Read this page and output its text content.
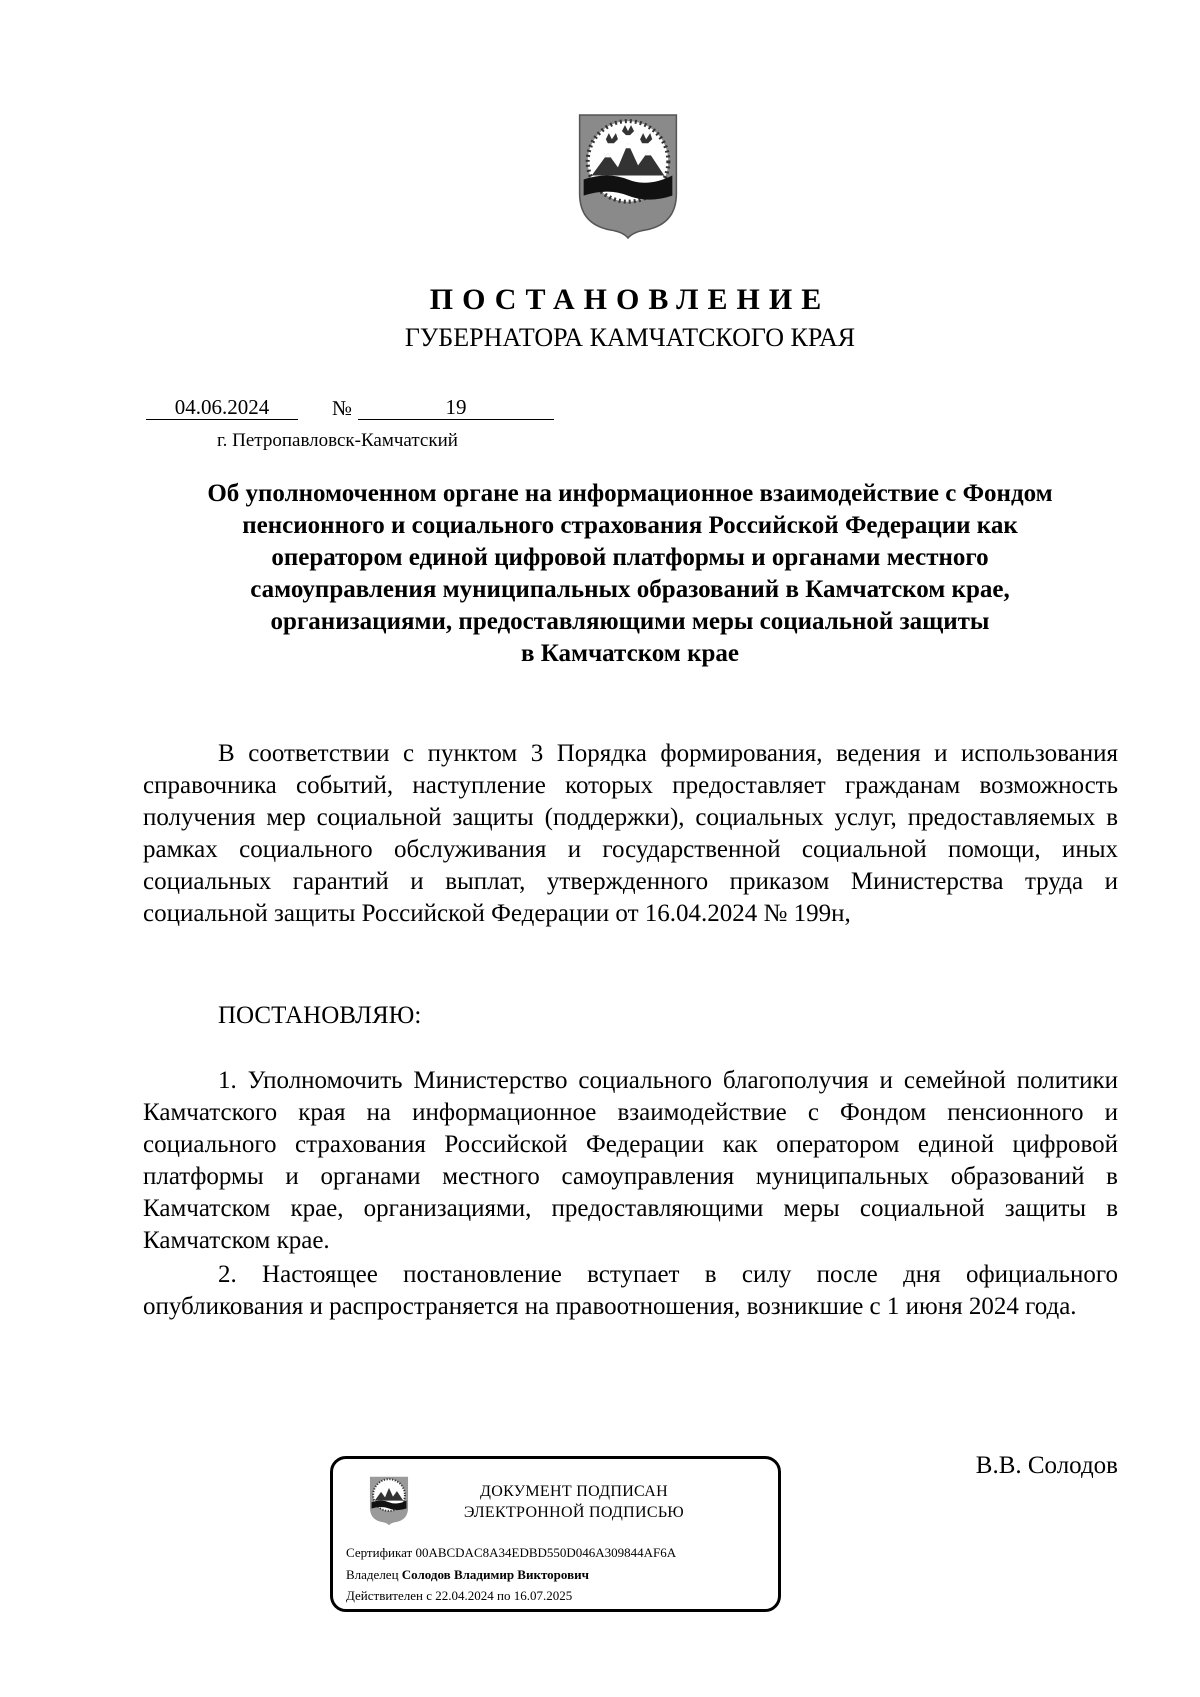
ПОСТАНОВЛЕНИЕ
ГУБЕРНАТОРА КАМЧАТСКОГО КРАЯ
04.06.2024	№	19
г. Петропавловск-Камчатский
Об уполномоченном органе на информационное взаимодействие с Фондом
пенсионного и социального страхования Российской Федерации как
оператором единой цифровой платформы и органами местного
самоуправления муниципальных образований в Камчатском крае,
организациями, предоставляющими меры социальной защиты
в Камчатском крае
В соответствии с пунктом 3 Порядка формирования, ведения и использования справочника событий, наступление которых предоставляет гражданам возможность получения мер социальной защиты (поддержки), социальных услуг, предоставляемых в рамках социального обслуживания и государственной социальной помощи, иных социальных гарантий и выплат, утвержденного приказом Министерства труда и социальной защиты Российской Федерации от 16.04.2024 № 199н,
ПОСТАНОВЛЯЮ:
1. Уполномочить Министерство социального благополучия и семейной политики Камчатского края на информационное взаимодействие с Фондом пенсионного и социального страхования Российской Федерации как оператором единой цифровой платформы и органами местного самоуправления муниципальных образований в Камчатском крае, организациями, предоставляющими меры социальной защиты в Камчатском крае.
2. Настоящее постановление вступает в силу после дня официального опубликования и распространяется на правоотношения, возникшие с 1 июня 2024 года.
В.В. Солодов
ДОКУМЕНТ ПОДПИСАН
ЭЛЕКТРОННОЙ ПОДПИСЬЮ
Сертификат 00ABCDAC8A34EDBD550D046A309844AF6A
Владелец Солодов Владимир Викторович
Действителен с 22.04.2024 по 16.07.2025
